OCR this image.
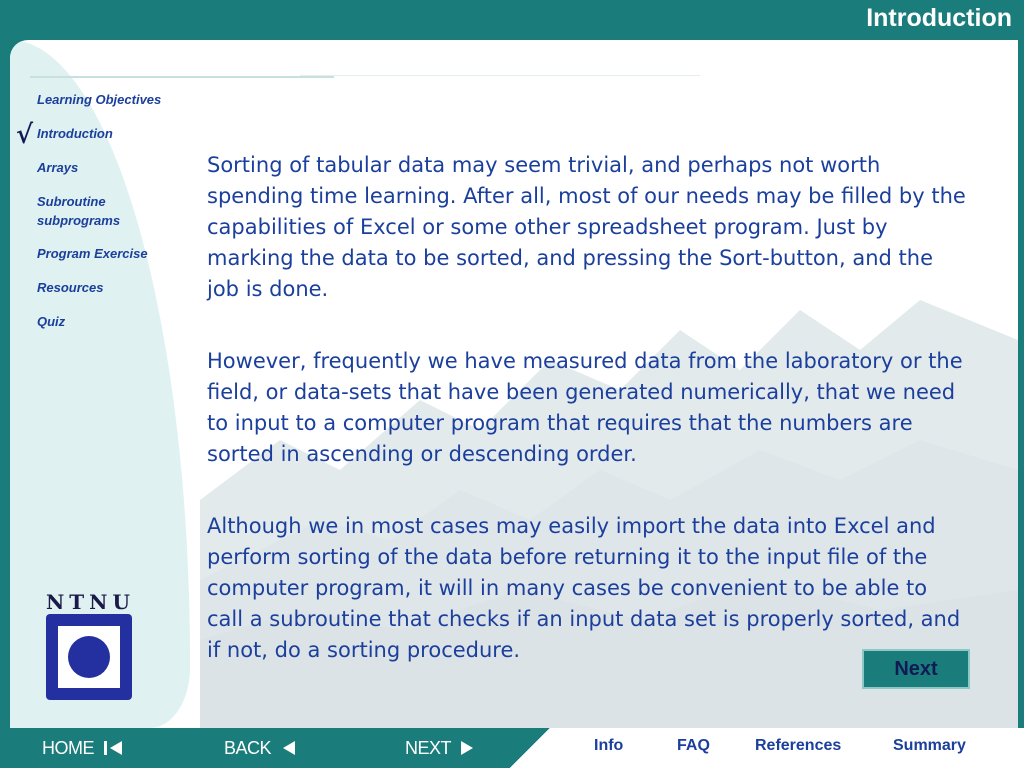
Introduction
√
Learning Objectives
Introduction
Arrays
Subroutine subprograms
Program Exercise
Resources
Quiz

Sorting of tabular data may seem trivial, and perhaps not worth spending time learning. After all, most of our needs may be filled by the capabilities of Excel or some other spreadsheet program. Just by marking the data to be sorted, and pressing the Sort-button, and the job is done.

However, frequently we have measured data from the laboratory or the field, or data-sets that have been generated numerically, that we need to input to a computer program that requires that the numbers are sorted in ascending or descending order.

Although we in most cases may easily import the data into Excel and perform sorting of the data before returning it to the input file of the computer program, it will in many cases be convenient to be able to call a subroutine that checks if an input data set is properly sorted, and if not, do a sorting procedure.

NTNU
Next
HOME	BACK	NEXT	Info	FAQ	References	Summary
